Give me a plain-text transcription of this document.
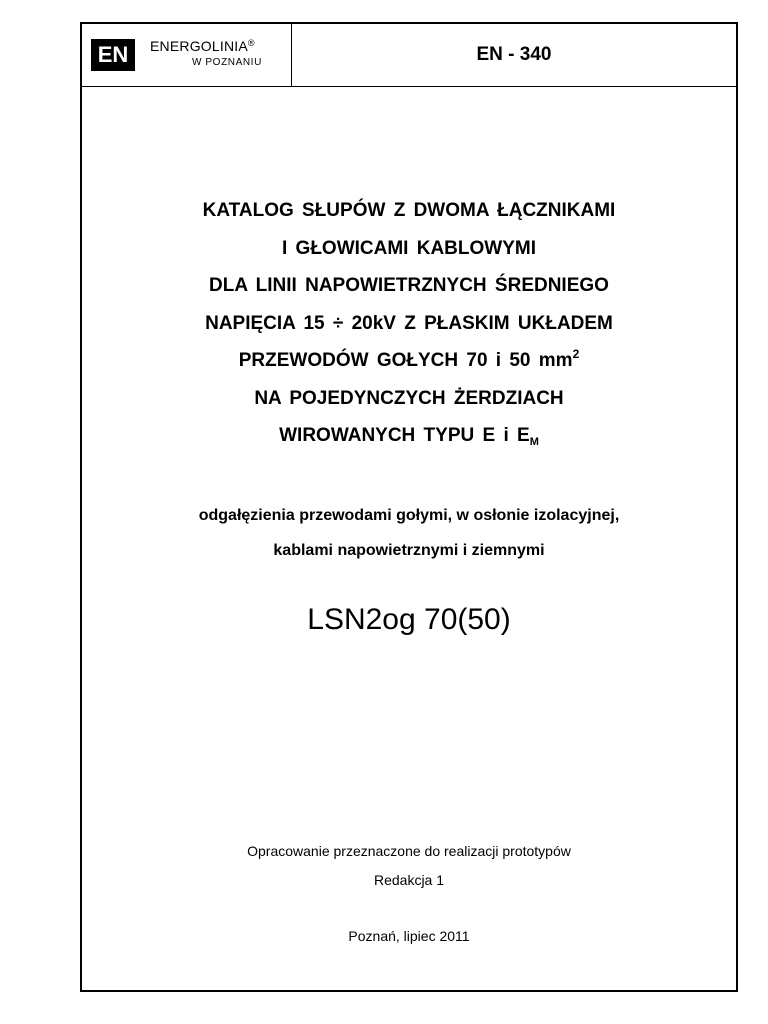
EN	ENERGOLINIA®
W POZNANIU	EN - 340
KATALOG SŁUPÓW Z DWOMA ŁĄCZNIKAMI
I GŁOWICAMI KABLOWYMI
DLA LINII NAPOWIETRZNYCH ŚREDNIEGO
NAPIĘCIA 15 ÷ 20kV Z PŁASKIM UKŁADEM
PRZEWODÓW GOŁYCH 70 i 50 $mm^2$
NA POJEDYNCZYCH ŻERDZIACH
WIROWANYCH TYPU E i $E_M$
odgałęzienia przewodami gołymi, w osłonie izolacyjnej,
kablami napowietrznymi i ziemnymi
LSN2og 70(50)
Opracowanie przeznaczone do realizacji prototypów
Redakcja 1
Poznań, lipiec 2011
